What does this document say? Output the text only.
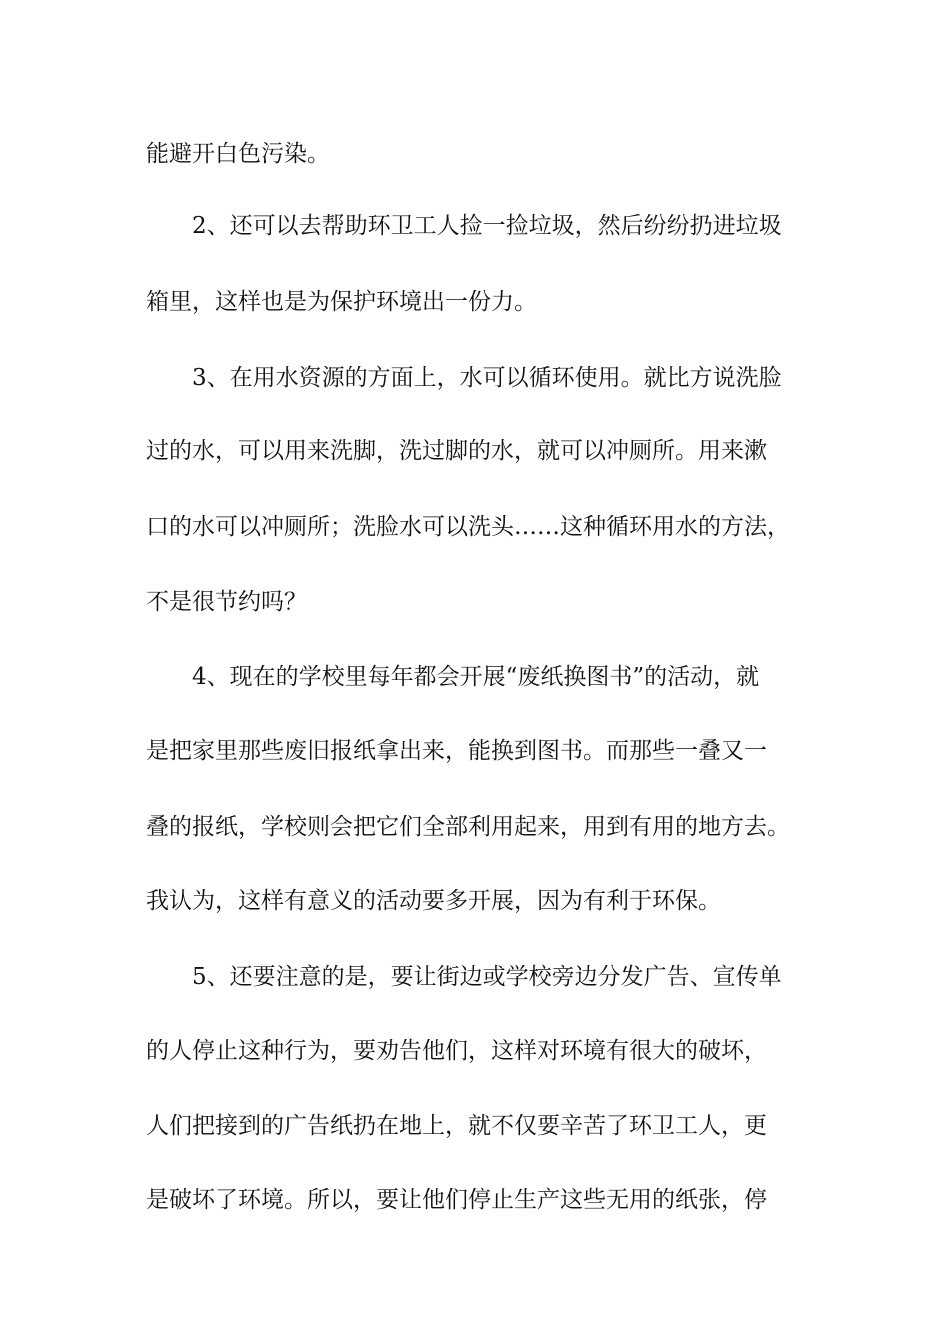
能避开白色污染。

2、还可以去帮助环卫工人捡一捡垃圾，然后纷纷扔进垃圾

箱里，这样也是为保护环境出一份力。

3、在用水资源的方面上，水可以循环使用。就比方说洗脸

过的水，可以用来洗脚，洗过脚的水，就可以冲厕所。用来漱

口的水可以冲厕所；洗脸水可以洗头……这种循环用水的方法，

不是很节约吗？

4、现在的学校里每年都会开展“废纸换图书”的活动，就

是把家里那些废旧报纸拿出来，能换到图书。而那些一叠又一

叠的报纸，学校则会把它们全部利用起来，用到有用的地方去。

我认为，这样有意义的活动要多开展，因为有利于环保。

5、还要注意的是，要让街边或学校旁边分发广告、宣传单

的人停止这种行为，要劝告他们，这样对环境有很大的破坏，

人们把接到的广告纸扔在地上，就不仅要辛苦了环卫工人，更

是破坏了环境。所以，要让他们停止生产这些无用的纸张，停
